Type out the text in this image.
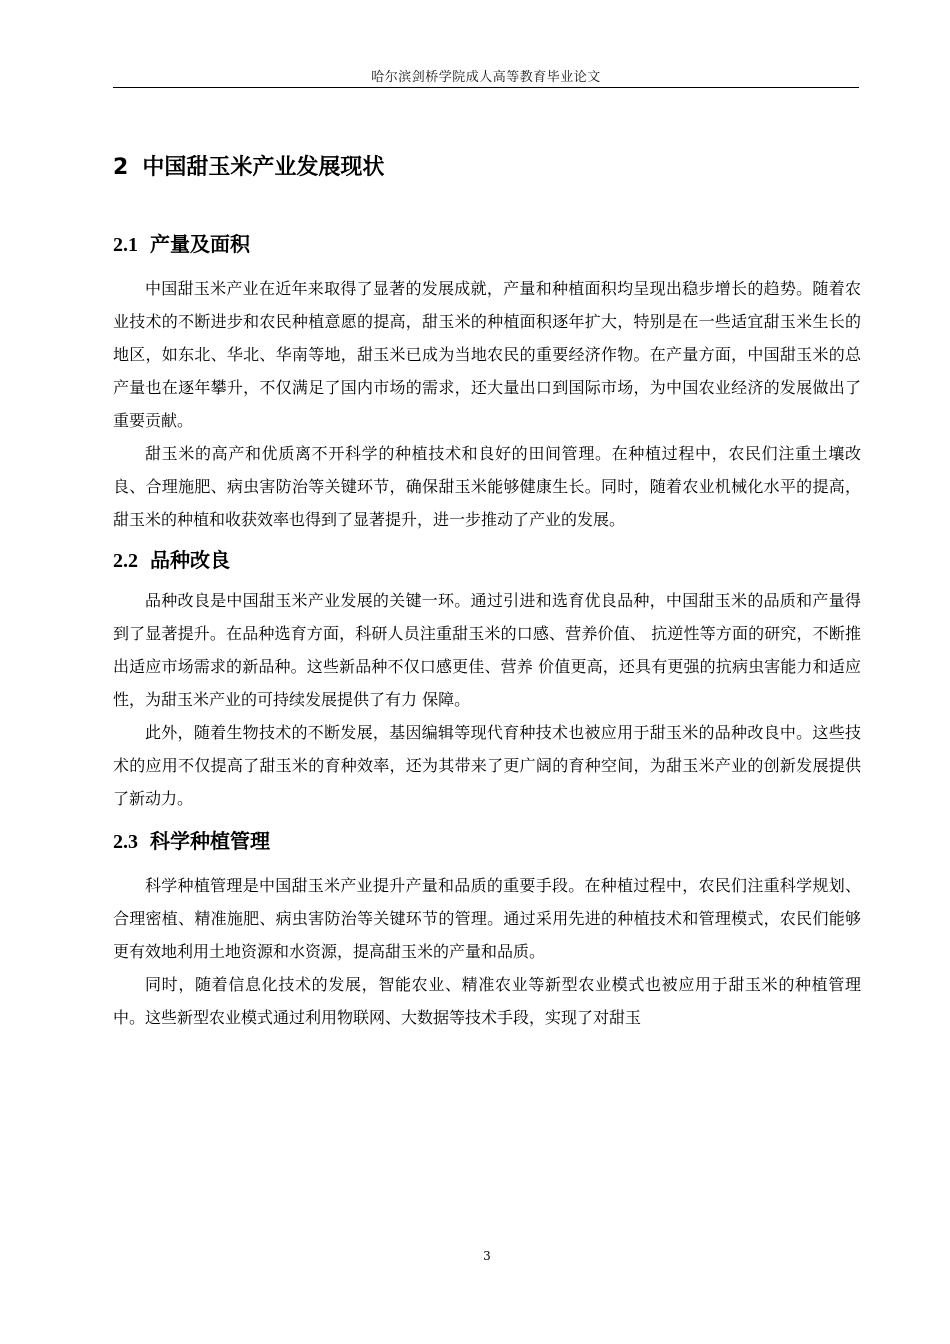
哈尔滨剑桥学院成人高等教育毕业论文
2 中国甜玉米产业发展现状
2.1 产量及面积

中国甜玉米产业在近年来取得了显著的发展成就，产量和种植面积均呈现出稳步增长的趋势。随着农业技术的不断进步和农民种植意愿的提高，甜玉米的种植面积逐年扩大，特别是在一些适宜甜玉米生长的地区，如东北、华北、华南等地，甜玉米已成为当地农民的重要经济作物。在产量方面，中国甜玉米的总产量也在逐年攀升，不仅满足了国内市场的需求，还大量出口到国际市场，为中国农业经济的发展做出了重要贡献。

甜玉米的高产和优质离不开科学的种植技术和良好的田间管理。在种植过程中，农民们注重土壤改良、合理施肥、病虫害防治等关键环节，确保甜玉米能够健康生长。同时，随着农业机械化水平的提高，甜玉米的种植和收获效率也得到了显著提升，进一步推动了产业的发展。

2.2 品种改良

品种改良是中国甜玉米产业发展的关键一环。通过引进和选育优良品种，中国甜玉米的品质和产量得到了显著提升。在品种选育方面，科研人员注重甜玉米的口感、营养价值、 抗逆性等方面的研究，不断推出适应市场需求的新品种。这些新品种不仅口感更佳、营养 价值更高，还具有更强的抗病虫害能力和适应性，为甜玉米产业的可持续发展提供了有力 保障。

此外，随着生物技术的不断发展，基因编辑等现代育种技术也被应用于甜玉米的品种改良中。这些技术的应用不仅提高了甜玉米的育种效率，还为其带来了更广阔的育种空间，为甜玉米产业的创新发展提供了新动力。

2.3 科学种植管理

科学种植管理是中国甜玉米产业提升产量和品质的重要手段。在种植过程中，农民们注重科学规划、合理密植、精准施肥、病虫害防治等关键环节的管理。通过采用先进的种植技术和管理模式，农民们能够更有效地利用土地资源和水资源，提高甜玉米的产量和品质。

同时，随着信息化技术的发展，智能农业、精准农业等新型农业模式也被应用于甜玉米的种植管理中。这些新型农业模式通过利用物联网、大数据等技术手段，实现了对甜玉

3
